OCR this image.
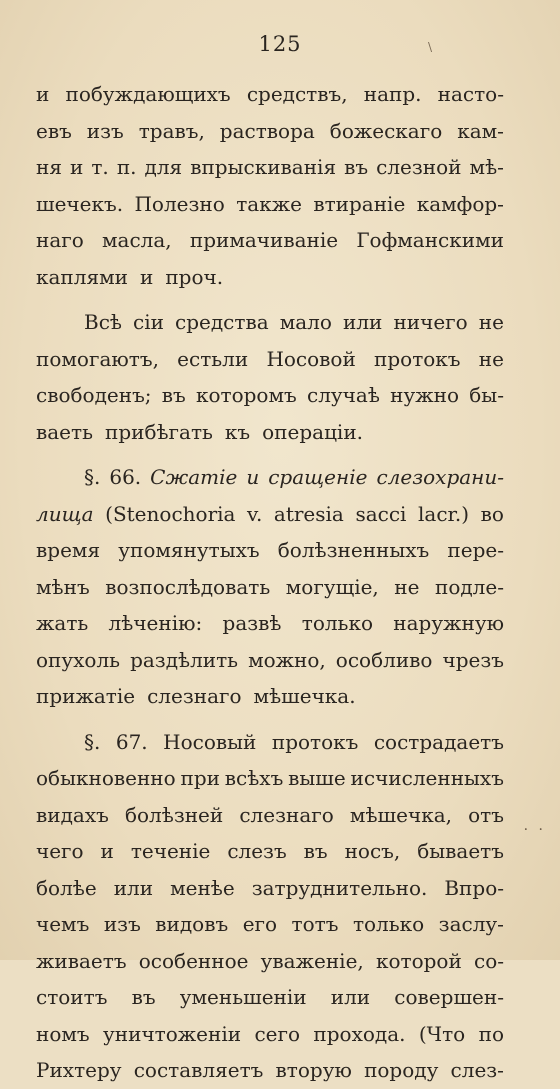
125	\
и побуждающихъ средствъ, напр. насто-
евъ изъ травъ, раствора божескаго кам-
ня и т. п. для впрыскиванія въ слезной мѣ-
шечекъ. Полезно также втираніе камфор-
наго масла, примачиваніе Гофманскими
каплями и проч.
Всѣ сіи средства мало или ничего не
помогаютъ, естьли Носовой протокъ не
свободенъ; въ которомъ случаѣ нужно бы-
ваеть прибѣгать къ операціи.
§. 66. Сжатіе и сращеніе слезохрани-
лища (Stenochoria v. atresia sacci lacr.) во
время упомянутыхъ болѣзненныхъ пере-
мѣнъ возпослѣдовать могущіе, не подле-
жать лѣченію: развѣ только наружную
опухоль раздѣлить можно, особливо чрезъ
прижатіе слезнаго мѣшечка.
§. 67. Носовый протокъ сострадаетъ
обыкновенно при всѣхъ выше исчисленныхъ
видахъ болѣзней слезнаго мѣшечка, отъ
чего и теченіе слезъ въ носъ, бываетъ
болѣе или менѣе затруднительно. Впро-
чемъ изъ видовъ его тотъ только заслу-
живаетъ особенное уваженіе, которой со-
стоитъ въ уменьшеніи или совершен-
номъ уничтоженіи сего прохода. (Что по
Рихтеру составляетъ вторую породу слез-
· ·
